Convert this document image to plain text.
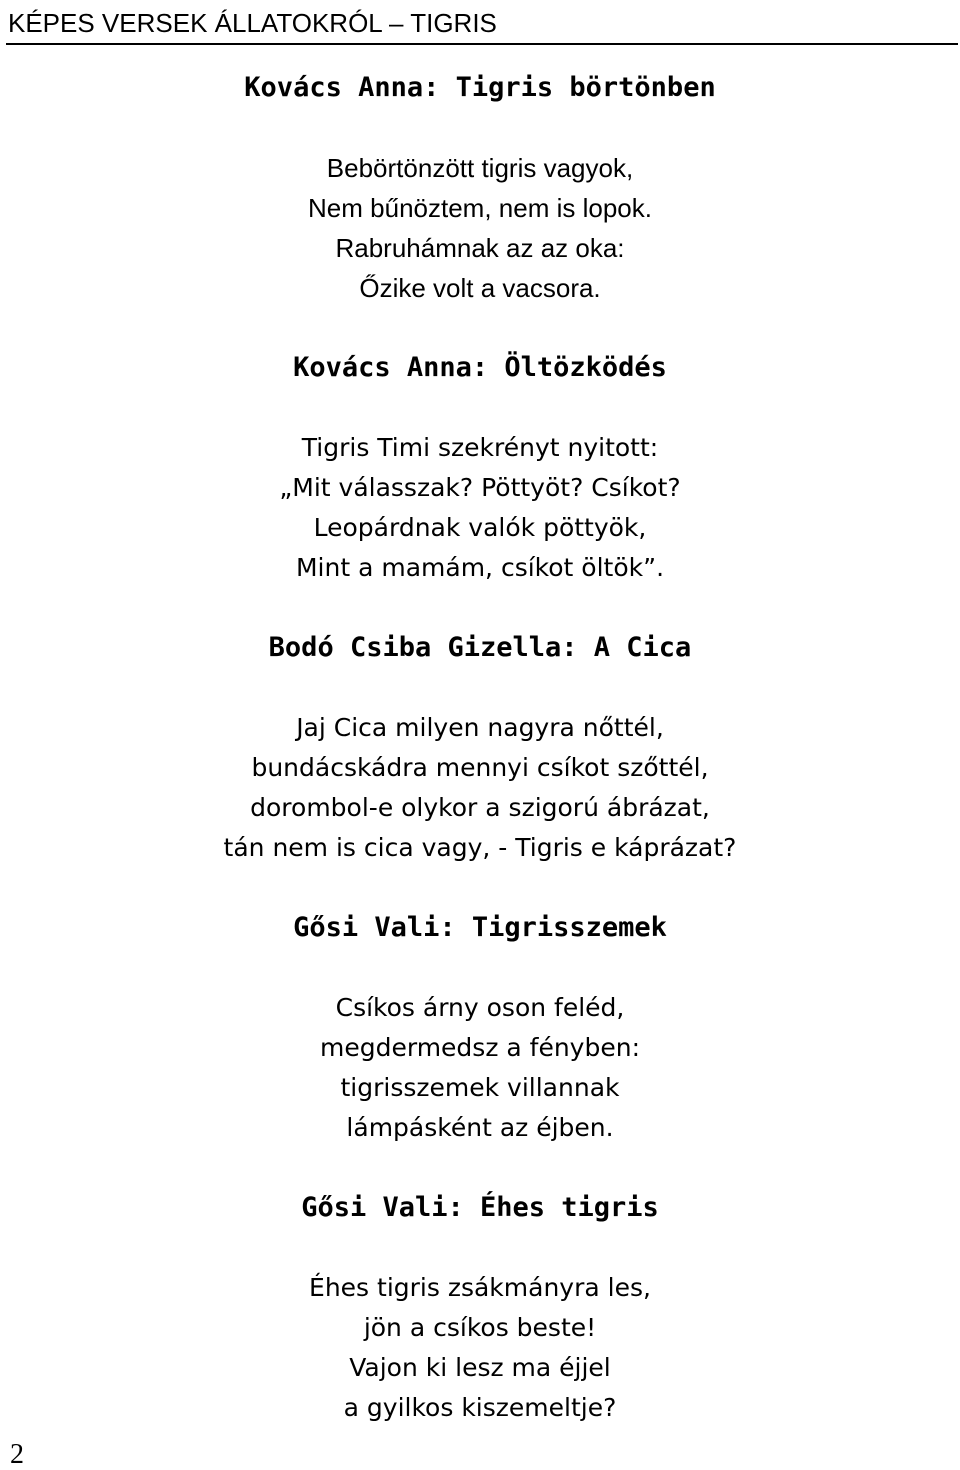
KÉPES VERSEK ÁLLATOKRÓL – TIGRIS
Kovács Anna: Tigris börtönben
Bebörtönzött tigris vagyok,
Nem bűnöztem, nem is lopok.
Rabruhámnak az az oka:
Őzike volt a vacsora.
Kovács Anna: Öltözködés
Tigris Timi szekrényt nyitott:
„Mit válasszak? Pöttyöt? Csíkot?
Leopárdnak valók pöttyök,
Mint a mamám, csíkot öltök”.
Bodó Csiba Gizella: A Cica
Jaj Cica milyen nagyra nőttél,
bundácskádra mennyi csíkot szőttél,
dorombol-e olykor a szigorú ábrázat,
tán nem is cica vagy, - Tigris e káprázat?
Gősi Vali: Tigrisszemek
Csíkos árny oson feléd,
megdermedsz a fényben:
tigrisszemek villannak
lámpásként az éjben.
Gősi Vali: Éhes tigris
Éhes tigris zsákmányra les,
jön a csíkos beste!
Vajon ki lesz ma éjjel
a gyilkos kiszemeltje?
2
